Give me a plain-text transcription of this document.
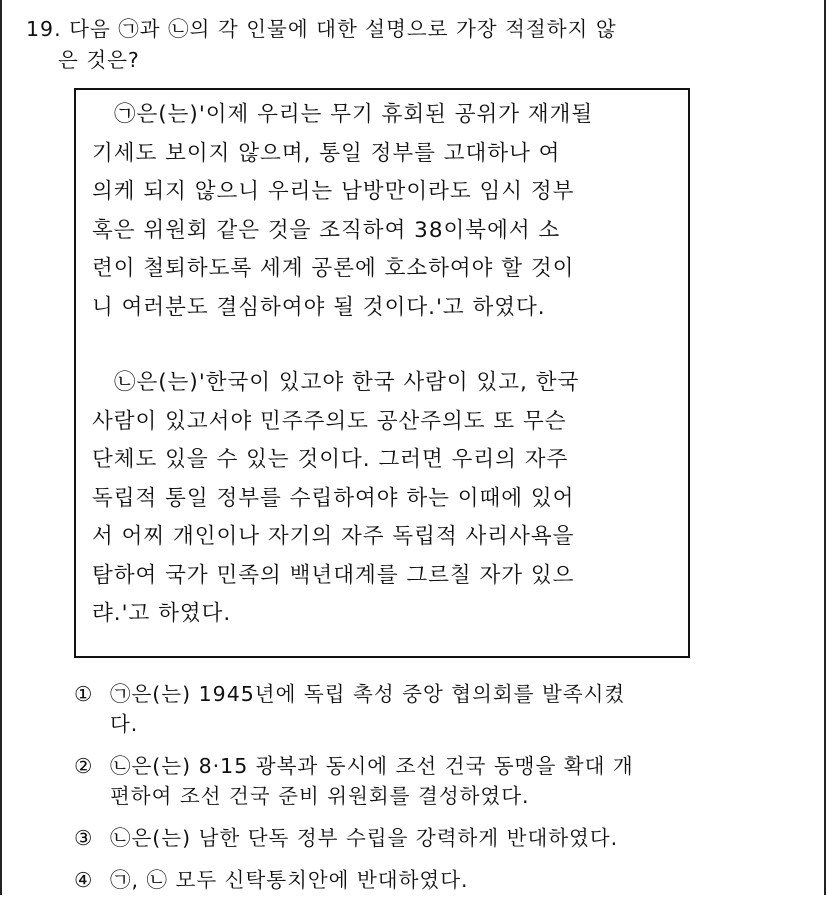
19. 다음 ㉠과 ㉡의 각 인물에 대한 설명으로 가장 적절하지 않
은 것은?
㉠은(는)'이제 우리는 무기 휴회된 공위가 재개될
기세도 보이지 않으며, 통일 정부를 고대하나 여
의케 되지 않으니 우리는 남방만이라도 임시 정부
혹은 위원회 같은 것을 조직하여 38이북에서 소
련이 철퇴하도록 세계 공론에 호소하여야 할 것이
니 여러분도 결심하여야 될 것이다.'고 하였다.
㉡은(는)'한국이 있고야 한국 사람이 있고, 한국
사람이 있고서야 민주주의도 공산주의도 또 무슨
단체도 있을 수 있는 것이다. 그러면 우리의 자주
독립적 통일 정부를 수립하여야 하는 이때에 있어
서 어찌 개인이나 자기의 자주 독립적 사리사욕을
탐하여 국가 민족의 백년대계를 그르칠 자가 있으
랴.'고 하였다.
① ㉠은(는) 1945년에 독립 촉성 중앙 협의회를 발족시켰
다.
② ㉡은(는) 8·15 광복과 동시에 조선 건국 동맹을 확대 개
편하여 조선 건국 준비 위원회를 결성하였다.
③ ㉡은(는) 남한 단독 정부 수립을 강력하게 반대하였다.
④ ㉠, ㉡ 모두 신탁통치안에 반대하였다.
